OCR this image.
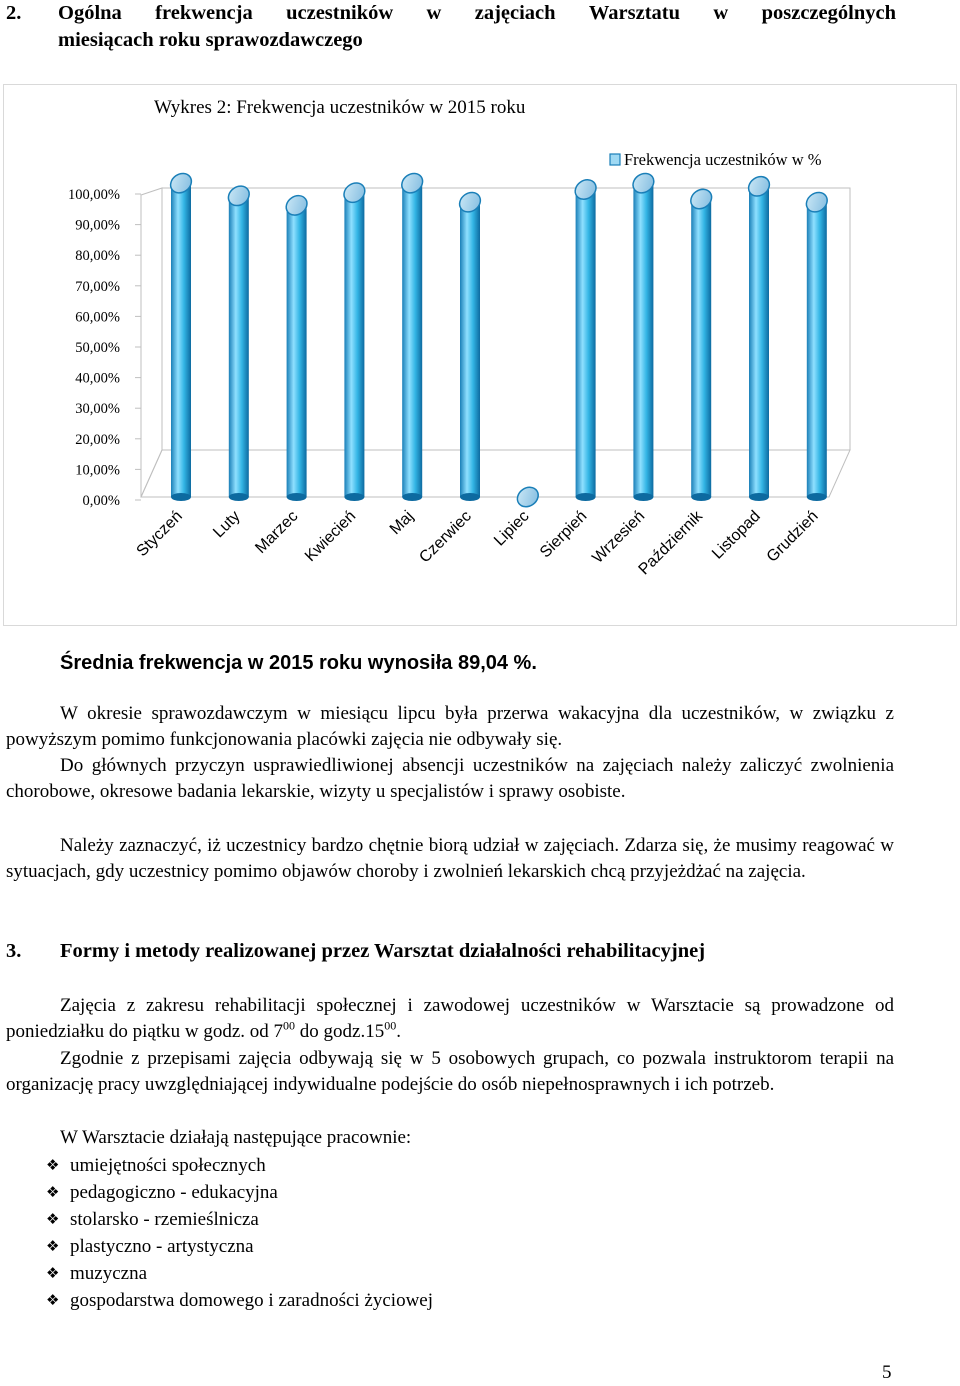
2.	Ogólna frekwencja uczestników w zajęciach Warsztatu w poszczególnych
miesiącach roku sprawozdawczego
Wykres 2: Frekwencja uczestników w 2015 roku
Frekwencja uczestników w %
0,00%
10,00%
20,00%
30,00%
40,00%
50,00%
60,00%
70,00%
80,00%
90,00%
100,00%
Styczeń Luty Marzec Kwiecień Maj Czerwiec Lipiec Sierpień
Wrzesień
Październik Listopad Grudzień
Średnia frekwencja w 2015 roku wynosiła 89,04 %.
W okresie sprawozdawczym w miesiącu lipcu była przerwa wakacyjna dla uczestników, w związku z powyższym pomimo funkcjonowania placówki zajęcia nie odbywały się.
Do głównych przyczyn usprawiedliwionej absencji uczestników na zajęciach należy zaliczyć zwolnienia chorobowe, okresowe badania lekarskie, wizyty u specjalistów i sprawy osobiste.
Należy zaznaczyć, iż uczestnicy bardzo chętnie biorą udział w zajęciach. Zdarza się, że musimy reagować w sytuacjach, gdy uczestnicy pomimo objawów choroby i zwolnień lekarskich chcą przyjeżdżać na zajęcia.
3. Formy i metody realizowanej przez Warsztat działalności rehabilitacyjnej
Zajęcia z zakresu rehabilitacji społecznej i zawodowej uczestników w Warsztacie są prowadzone od poniedziałku do piątku w godz. od $7^{00}$ do $godz.15^{00}$.
Zgodnie z przepisami zajęcia odbywają się w 5 osobowych grupach, co pozwala instruktorom terapii na organizację pracy uwzględniającej indywidualne podejście do osób niepełnosprawnych i ich potrzeb.
W Warsztacie działają następujące pracownie:
❖ umiejętności społecznych
❖ pedagogiczno - edukacyjna
❖ stolarsko - rzemieślnicza
❖ plastyczno - artystyczna
❖ muzyczna
❖ gospodarstwa domowego i zaradności życiowej
5
